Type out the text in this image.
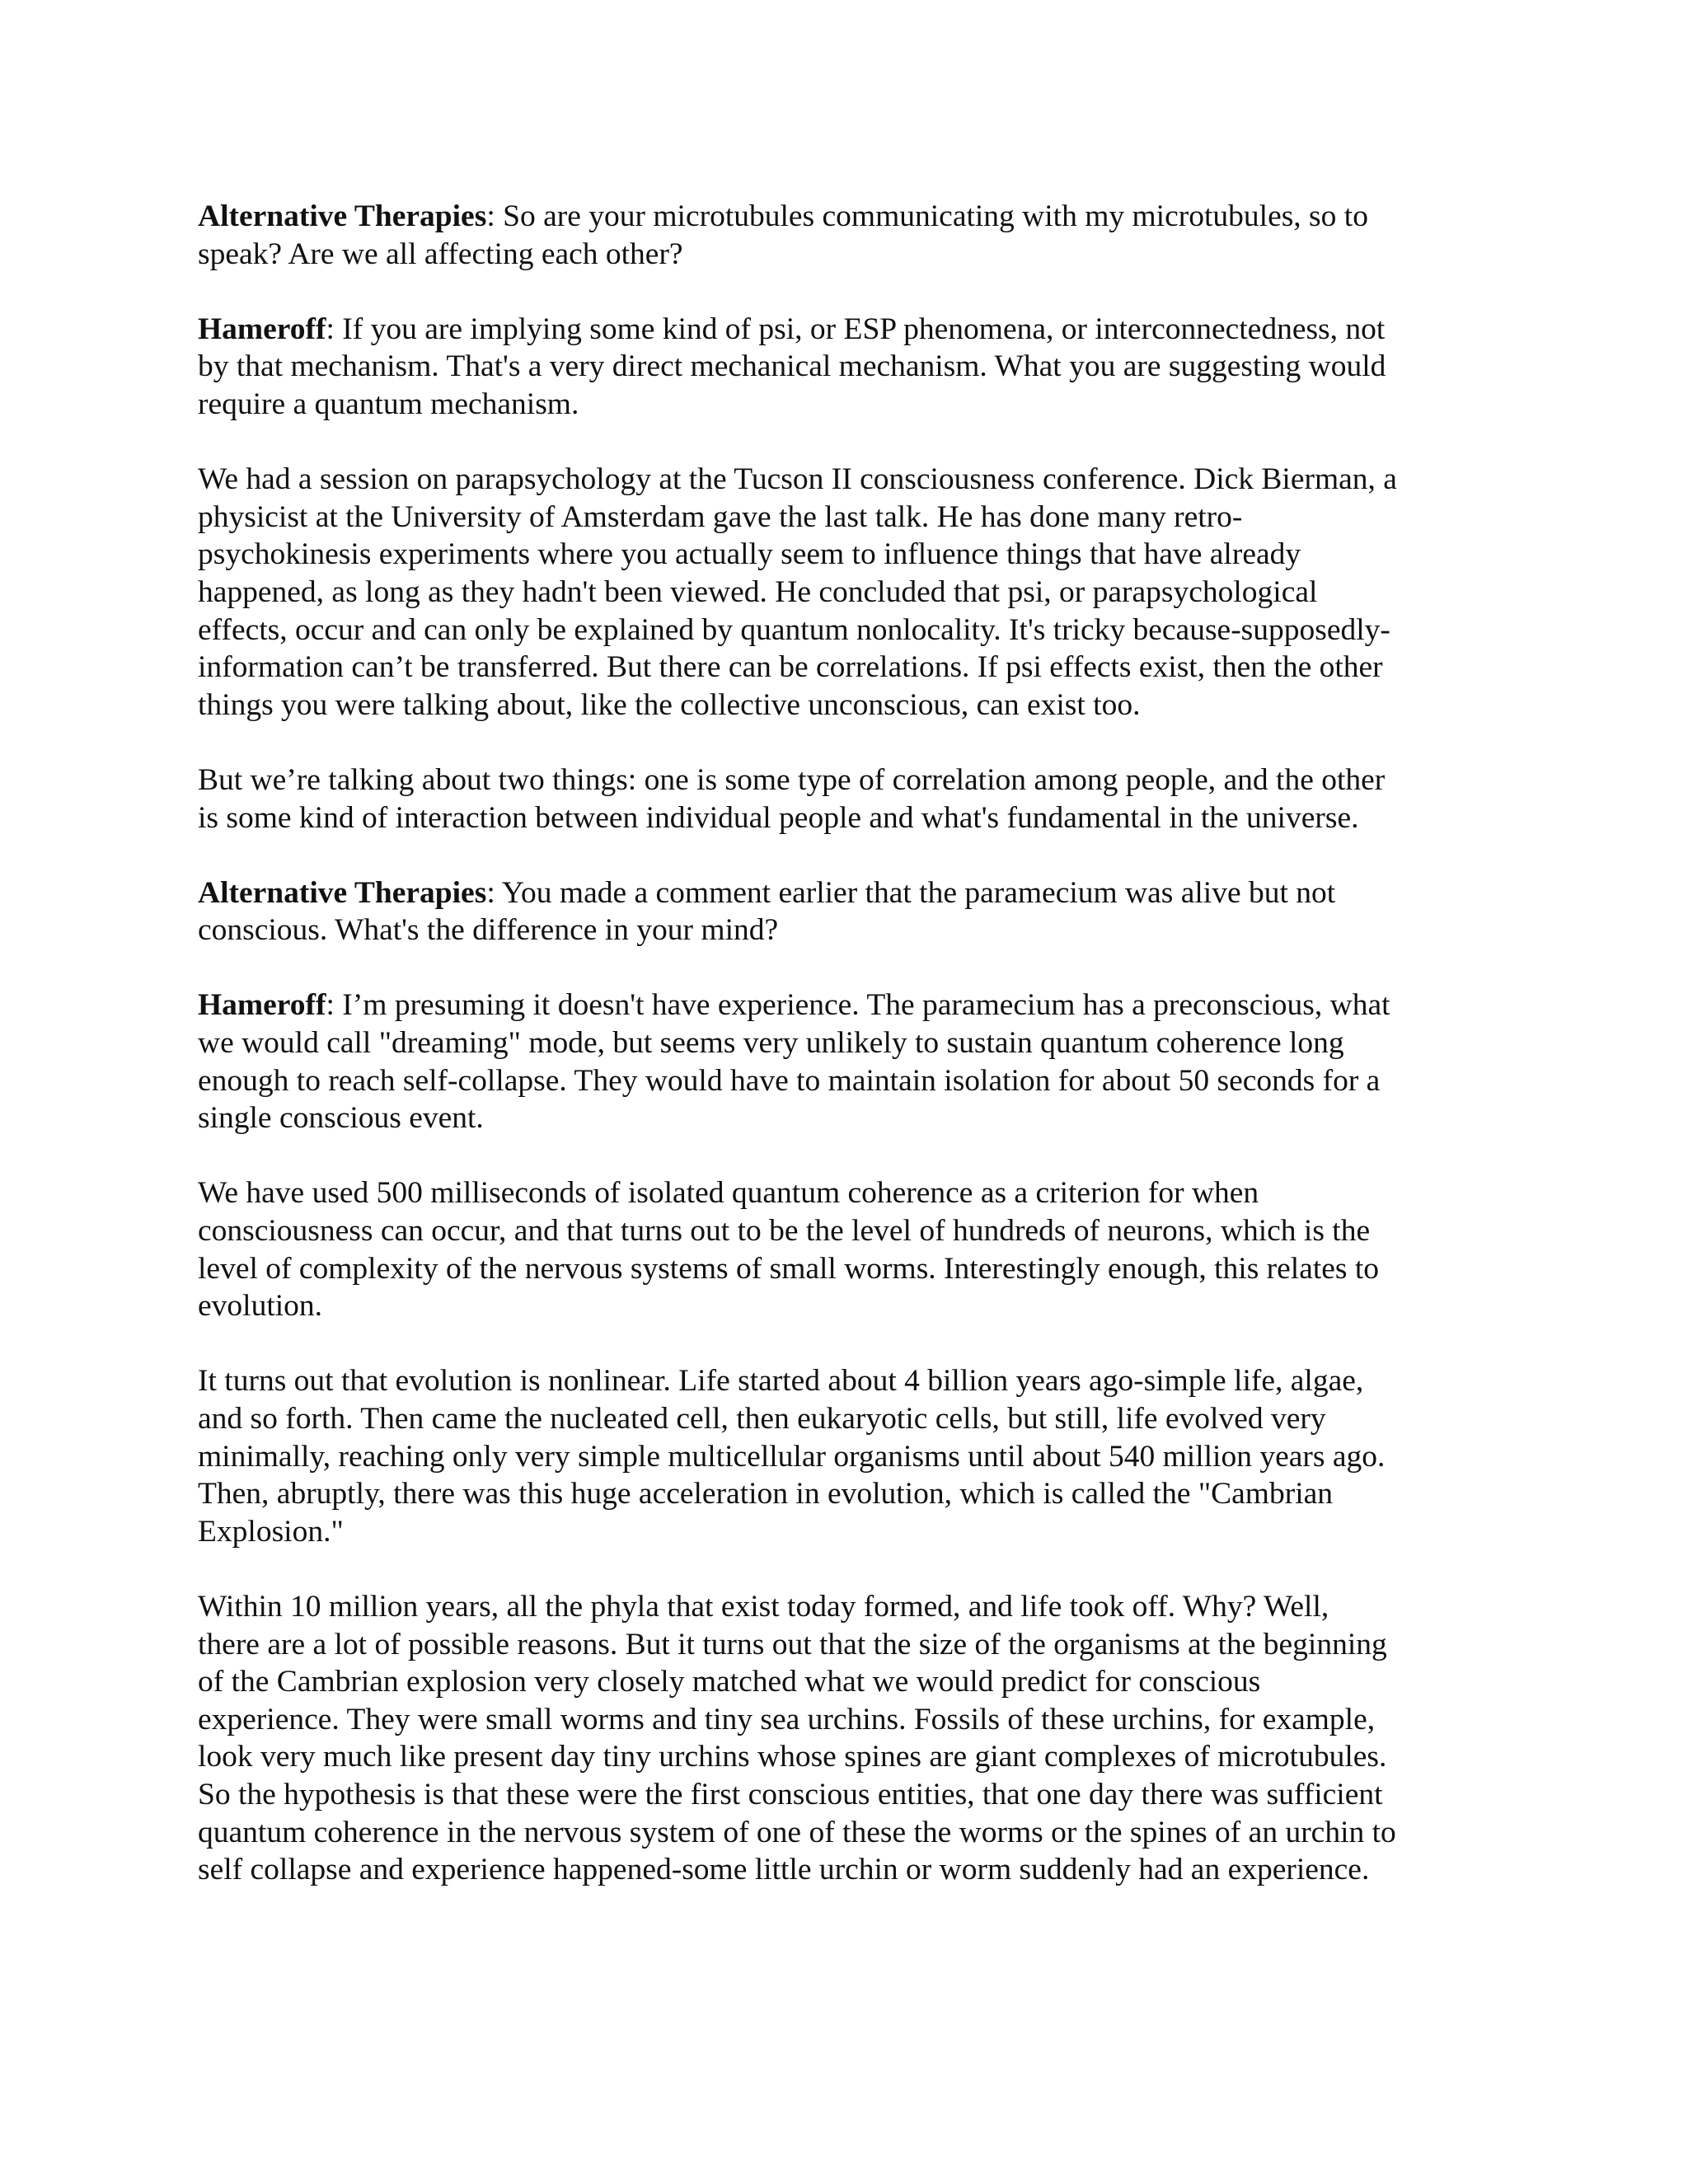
Alternative Therapies: So are your microtubules communicating with my microtubules, so to
speak? Are we all affecting each other?

Hameroff: If you are implying some kind of psi, or ESP phenomena, or interconnectedness, not
by that mechanism. That's a very direct mechanical mechanism. What you are suggesting would
require a quantum mechanism.

We had a session on parapsychology at the Tucson II consciousness conference. Dick Bierman, a
physicist at the University of Amsterdam gave the last talk. He has done many retro-
psychokinesis experiments where you actually seem to influence things that have already
happened, as long as they hadn't been viewed. He concluded that psi, or parapsychological
effects, occur and can only be explained by quantum nonlocality. It's tricky because-supposedly-
information can’t be transferred. But there can be correlations. If psi effects exist, then the other
things you were talking about, like the collective unconscious, can exist too.

But we’re talking about two things: one is some type of correlation among people, and the other
is some kind of interaction between individual people and what's fundamental in the universe.

Alternative Therapies: You made a comment earlier that the paramecium was alive but not
conscious. What's the difference in your mind?

Hameroff: I’m presuming it doesn't have experience. The paramecium has a preconscious, what
we would call "dreaming" mode, but seems very unlikely to sustain quantum coherence long
enough to reach self-collapse. They would have to maintain isolation for about 50 seconds for a
single conscious event.

We have used 500 milliseconds of isolated quantum coherence as a criterion for when
consciousness can occur, and that turns out to be the level of hundreds of neurons, which is the
level of complexity of the nervous systems of small worms. Interestingly enough, this relates to
evolution.

It turns out that evolution is nonlinear. Life started about 4 billion years ago-simple life, algae,
and so forth. Then came the nucleated cell, then eukaryotic cells, but still, life evolved very
minimally, reaching only very simple multicellular organisms until about 540 million years ago.
Then, abruptly, there was this huge acceleration in evolution, which is called the "Cambrian
Explosion."

Within 10 million years, all the phyla that exist today formed, and life took off. Why? Well,
there are a lot of possible reasons. But it turns out that the size of the organisms at the beginning
of the Cambrian explosion very closely matched what we would predict for conscious
experience. They were small worms and tiny sea urchins. Fossils of these urchins, for example,
look very much like present day tiny urchins whose spines are giant complexes of microtubules.
So the hypothesis is that these were the first conscious entities, that one day there was sufficient
quantum coherence in the nervous system of one of these the worms or the spines of an urchin to
self collapse and experience happened-some little urchin or worm suddenly had an experience.
